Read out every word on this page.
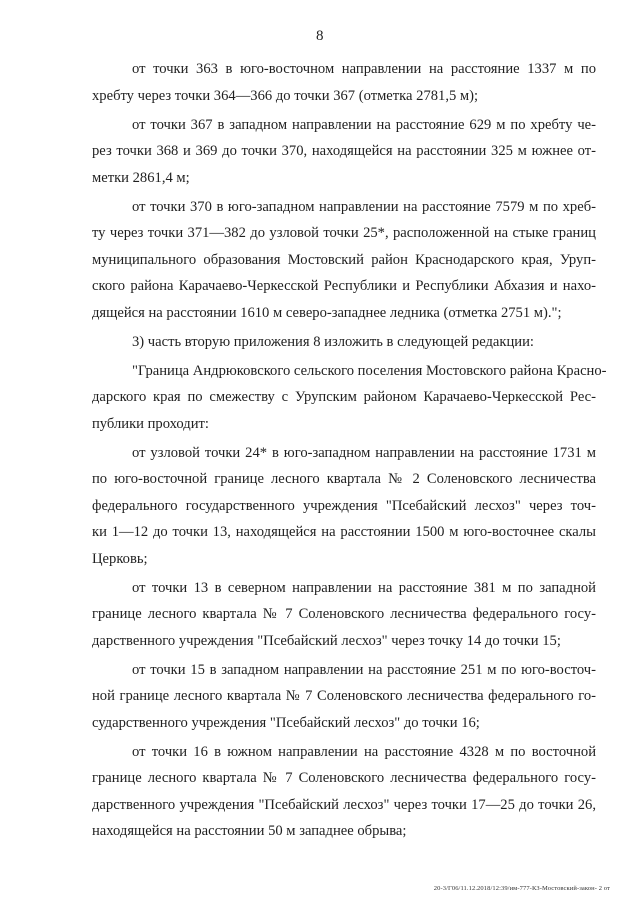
8
от точки 363 в юго-восточном направлении на расстояние 1337 м по
хребту через точки 364—366 до точки 367 (отметка 2781,5 м);
от точки 367 в западном направлении на расстояние 629 м по хребту че-
рез точки 368 и 369 до точки 370, находящейся на расстоянии 325 м южнее от-
метки 2861,4 м;
от точки 370 в юго-западном направлении на расстояние 7579 м по хреб-
ту через точки 371—382 до узловой точки 25*, расположенной на стыке границ
муниципального образования Мостовский район Краснодарского края, Уруп-
ского района Карачаево-Черкесской Республики и Республики Абхазия и нахо-
дящейся на расстоянии 1610 м северо-западнее ледника (отметка 2751 м).";
3) часть вторую приложения 8 изложить в следующей редакции:
"Граница Андрюковского сельского поселения Мостовского района Красно-
дарского края по смежеству с Урупским районом Карачаево-Черкесской Рес-
публики проходит:
от узловой точки 24* в юго-западном направлении на расстояние 1731 м
по юго-восточной границе лесного квартала № 2 Соленовского лесничества
федерального государственного учреждения "Псебайский лесхоз" через точ-
ки 1—12 до точки 13, находящейся на расстоянии 1500 м юго-восточнее скалы
Церковь;
от точки 13 в северном направлении на расстояние 381 м по западной
границе лесного квартала № 7 Соленовского лесничества федерального госу-
дарственного учреждения "Псебайский лесхоз" через точку 14 до точки 15;
от точки 15 в западном направлении на расстояние 251 м по юго-восточ-
ной границе лесного квартала № 7 Соленовского лесничества федерального го-
сударственного учреждения "Псебайский лесхоз" до точки 16;
от точки 16 в южном направлении на расстояние 4328 м по восточной
границе лесного квартала № 7 Соленовского лесничества федерального госу-
дарственного учреждения "Псебайский лесхоз" через точки 17—25 до точки 26,
находящейся на расстоянии 50 м западнее обрыва;
20-3/Г06/11.12.2018/12:39/им-777-КЗ-Мостовский-закон- 2 от
